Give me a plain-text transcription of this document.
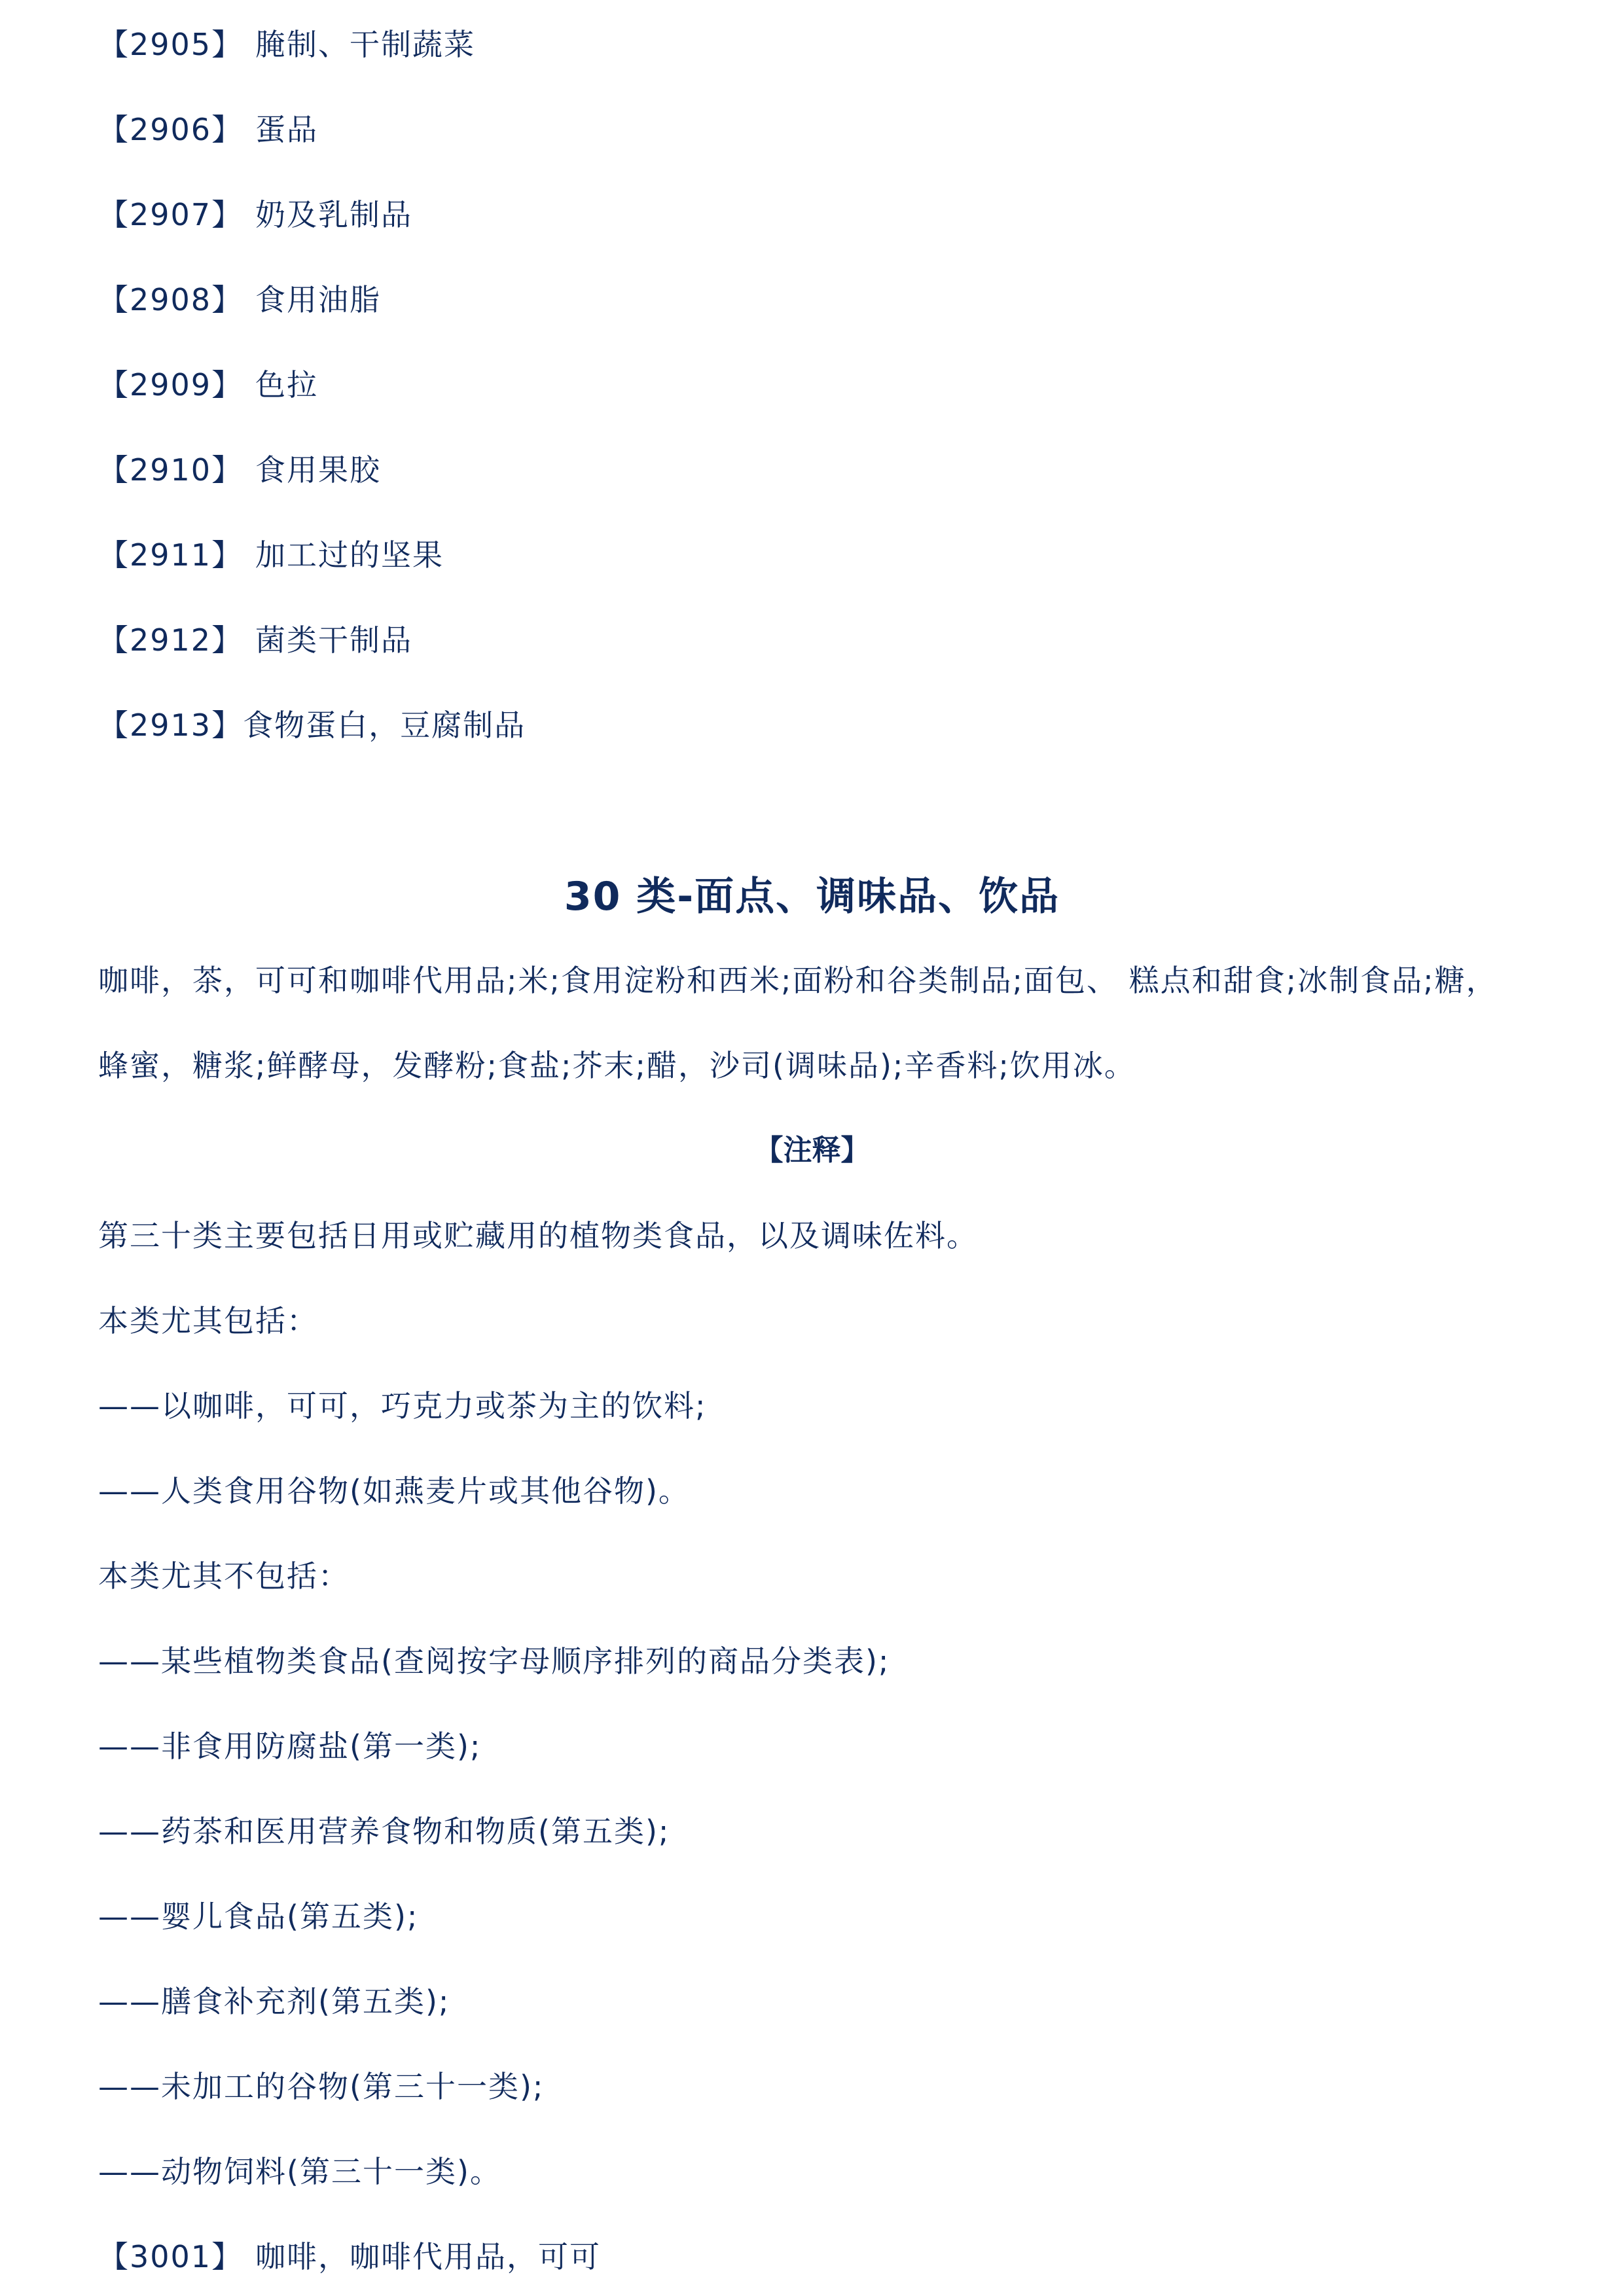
【2905】 腌制、干制蔬菜
【2906】 蛋品
【2907】 奶及乳制品
【2908】 食用油脂
【2909】 色拉
【2910】 食用果胶
【2911】 加工过的坚果
【2912】 菌类干制品
【2913】食物蛋白，豆腐制品
30 类-面点、调味品、饮品
咖啡，茶，可可和咖啡代用品;米;食用淀粉和西米;面粉和谷类制品;面包、 糕点和甜食;冰制食品;糖，
蜂蜜，糖浆;鲜酵母，发酵粉;食盐;芥末;醋，沙司(调味品);辛香料;饮用冰。
【注释】
第三十类主要包括日用或贮藏用的植物类食品，以及调味佐料。
本类尤其包括：
——以咖啡，可可，巧克力或茶为主的饮料;
——人类食用谷物(如燕麦片或其他谷物)。
本类尤其不包括：
——某些植物类食品(查阅按字母顺序排列的商品分类表);
——非食用防腐盐(第一类);
——药茶和医用营养食物和物质(第五类);
——婴儿食品(第五类);
——膳食补充剂(第五类);
——未加工的谷物(第三十一类);
——动物饲料(第三十一类)。
【3001】 咖啡，咖啡代用品，可可
